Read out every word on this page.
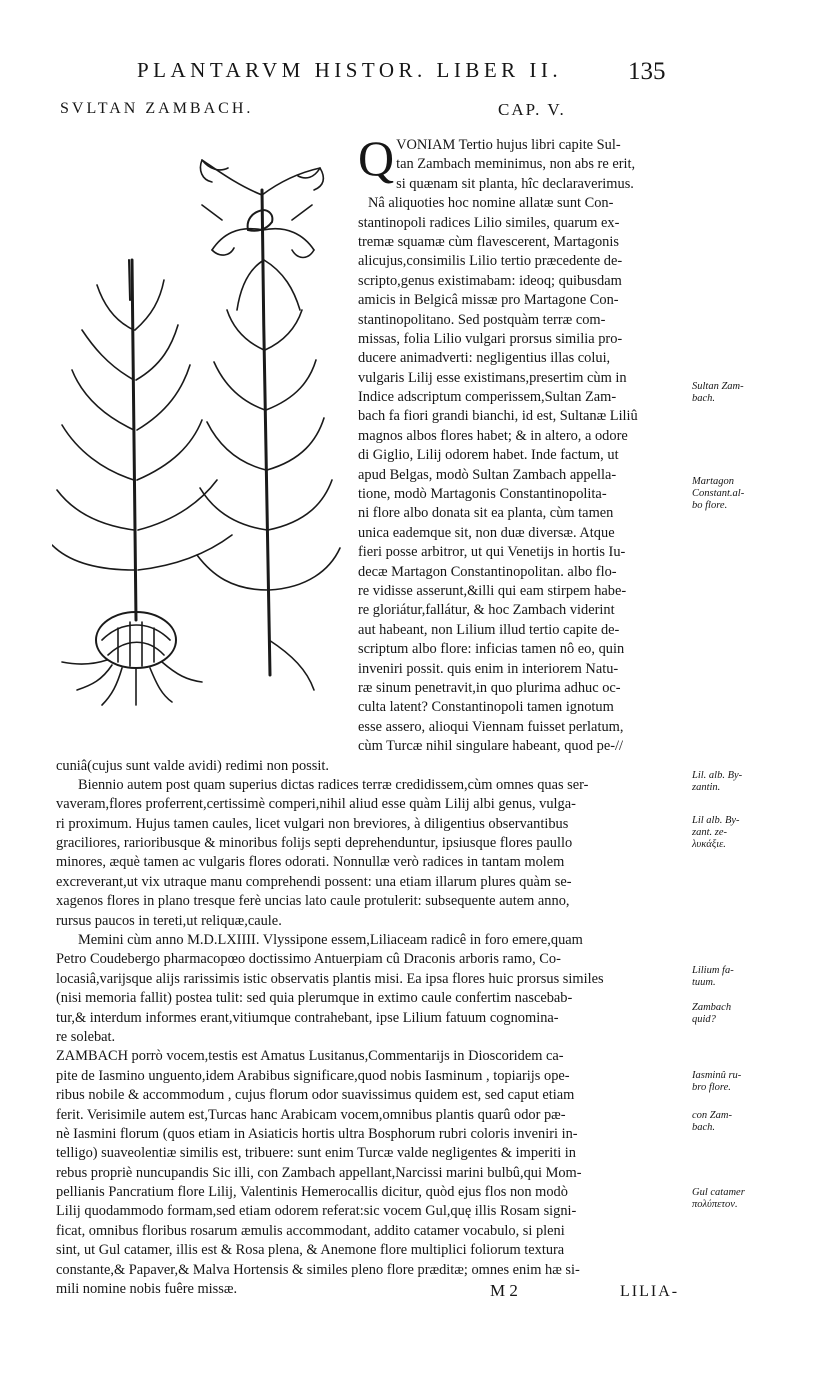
PLANTARVM HISTOR. LIBER II.	135
SVLTAN ZAMBACH.	CAP. V.
Q VONIAM Tertio hujus libri capite Sul-
tan Zambach meminimus, non abs re erit,
si quænam sit planta, hîc declaraverimus.
Nâ aliquoties hoc nomine allatæ sunt Con-
stantinopoli radices Lilio similes, quarum ex-
tremæ squamæ cùm flavescerent, Martagonis
alicujus,consimilis Lilio tertio præcedente de-
scripto,genus existimabam: ideoq; quibusdam
amicis in Belgicâ missæ pro Martagone Con-
stantinopolitano. Sed postquàm terræ com-
missas, folia Lilio vulgari prorsus similia pro-
ducere animadverti: negligentius illas colui,
vulgaris Lilij esse existimans,presertim cùm in
Indice adscriptum comperissem,Sultan Zam-
bach fa fiori grandi bianchi, id est, Sultanæ Liliû
magnos albos flores habet; & in altero, a odore
di Giglio, Lilij odorem habet. Inde factum, ut
apud Belgas, modò Sultan Zambach appella-
tione, modò Martagonis Constantinopolita-
ni flore albo donata sit ea planta, cùm tamen
unica eademque sit, non duæ diversæ. Atque
fieri posse arbitror, ut qui Venetijs in hortis Iu-
decæ Martagon Constantinopolitan. albo flo-
re vidisse asserunt,&illi qui eam stirpem habe-
re gloriátur,fallátur, & hoc Zambach viderint
aut habeant, non Lilium illud tertio capite de-
scriptum albo flore: inficias tamen nô eo, quin
inveniri possit. quis enim in interiorem Natu-
ræ sinum penetravit,in quo plurima adhuc oc-
culta latent? Constantinopoli tamen ignotum
esse assero, alioqui Viennam fuisset perlatum,
cùm Turcæ nihil singulare habeant, quod pe-//
cuniâ(cujus sunt valde avidi) redimi non possit.
Biennio autem post quam superius dictas radices terræ credidissem,cùm omnes quas ser-
vaveram,flores proferrent,certissimè comperi,nihil aliud esse quàm Lilij albi genus, vulga-
ri proximum. Hujus tamen caules, licet vulgari non breviores, à diligentius observantibus
graciliores, rarioribusque & minoribus folijs septi deprehenduntur, ipsiusque flores paullo
minores, æquè tamen ac vulgaris flores odorati. Nonnullæ verò radices in tantam molem
excreverant,ut vix utraque manu comprehendi possent: una etiam illarum plures quàm se-
xagenos flores in plano tresque ferè uncias lato caule protulerit: subsequente autem anno,
rursus paucos in tereti,ut reliquæ,caule.
Memini cùm anno M.D.LXIIII. Vlyssipone essem,Liliaceam radicê in foro emere,quam
Petro Coudebergo pharmacopœo doctissimo Antuerpiam cû Draconis arboris ramo, Co-
locasiâ,varijsque alijs rarissimis istic observatis plantis misi. Ea ipsa flores huic prorsus similes
(nisi memoria fallit) postea tulit: sed quia plerumque in extimo caule confertim nascebab-
tur,& interdum informes erant,vitiumque contrahebant, ipse Lilium fatuum cognomina-
re solebat.
ZAMBACH porrò vocem,testis est Amatus Lusitanus,Commentarijs in Dioscoridem ca-
pite de Iasmino unguento,idem Arabibus significare,quod nobis Iasminum , topiarijs ope-
ribus nobile & accommodum , cujus florum odor suavissimus quidem est, sed caput etiam
ferit. Verisimile autem est,Turcas hanc Arabicam vocem,omnibus plantis quarû odor pæ-
nè Iasmini florum (quos etiam in Asiaticis hortis ultra Bosphorum rubri coloris inveniri in-
telligo) suaveolentiæ similis est, tribuere: sunt enim Turcæ valde negligentes & imperiti in
rebus propriè nuncupandis Sic illi, con Zambach appellant,Narcissi marini bulbû,qui Mom-
pellianis Pancratium flore Lilij, Valentinis Hemerocallis dicitur, quòd ejus flos non modò
Lilij quodammodo formam,sed etiam odorem referat:sic vocem Gul,quę illis Rosam signi-
ficat, omnibus floribus rosarum æmulis accommodant, addito catamer vocabulo, si pleni
sint, ut Gul catamer, illis est & Rosa plena, & Anemone flore multiplici foliorum textura
constante,& Papaver,& Malva Hortensis & similes pleno flore præditæ; omnes enim hæ si-
mili nomine nobis fuêre missæ.
Sultan Zam-
bach.
Martagon
Constant.al-
bo flore.
Lil. alb. By-
zantin.
Lil alb. By-
zant. ze-
λυκάξιε.
Lilium fa-
tuum.
Zambach
quid?
Iasminû ru-
bro flore.
con Zam-
bach.
Gul catamer
πολύπετον.
M 2	LILIA-
